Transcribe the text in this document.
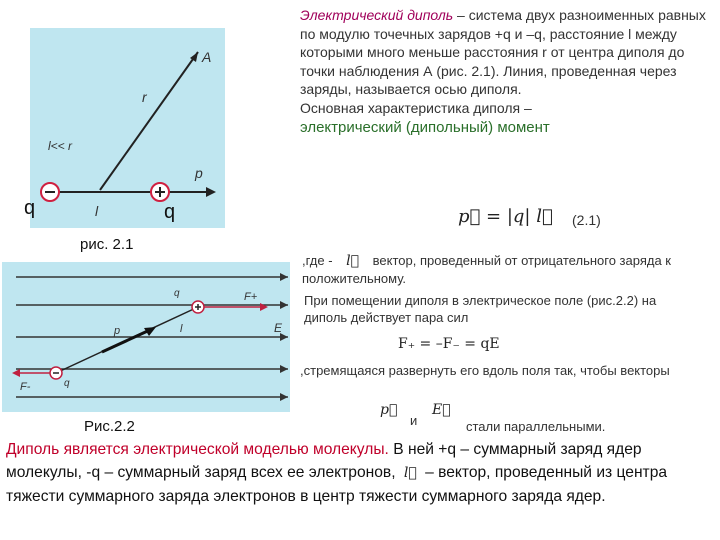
Электрический диполь – система двух разноименных равных по модулю точечных зарядов +q и –q, расстояние l между которыми много меньше расстояния r от центра диполя до точки наблюдения А (рис. 2.1). Линия, проведенная через заряды, называется осью диполя.
Основная характеристика диполя –
электрический (дипольный) момент
p⃗ = |q| l⃗ (2.1)
,где - l⃗ вектор, проведенный от отрицательного заряда к положительному.
При помещении диполя в электрическое поле (рис.2.2) на диполь действует пара сил
F₊ = –F₋ = qE
,стремящаяся развернуть его вдоль поля так, чтобы векторы
p⃗
и
E⃗
стали параллельными.
A
r
l<< r
p
l
q	q
рис. 2.1
q	F+
p	l	E
q
F-
Рис.2.2
Диполь является электрической моделью молекулы. В ней +q – суммарный заряд ядер молекулы, -q – суммарный заряд всех ее электронов, l⃗ – вектор, проведенный из центра тяжести суммарного заряда электронов в центр тяжести суммарного заряда ядер.
